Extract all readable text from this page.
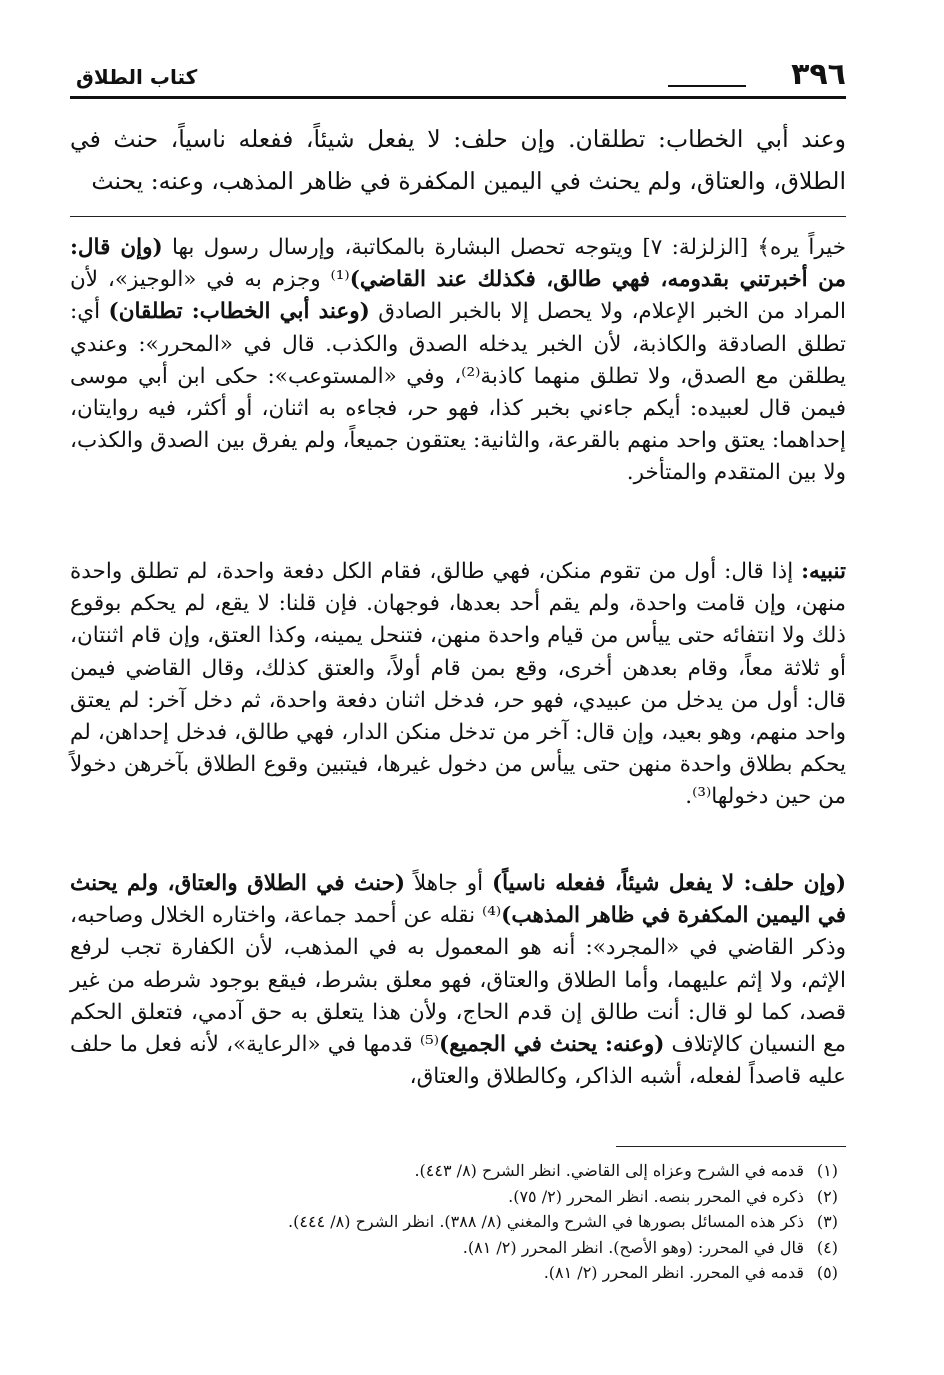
٣٩٦
كتاب الطلاق
وعند أبي الخطاب: تطلقان. وإن حلف: لا يفعل شيئاً، ففعله ناسياً، حنث في الطلاق، والعتاق، ولم يحنث في اليمين المكفرة في ظاهر المذهب، وعنه: يحنث

خيراً يره﴾ [الزلزلة: ٧] ويتوجه تحصل البشارة بالمكاتبة، وإرسال رسول بها (وإن قال: من أخبرتني بقدومه، فهي طالق، فكذلك عند القاضي)⁽¹⁾ وجزم به في «الوجيز»، لأن المراد من الخبر الإعلام، ولا يحصل إلا بالخبر الصادق (وعند أبي الخطاب: تطلقان) أي: تطلق الصادقة والكاذبة، لأن الخبر يدخله الصدق والكذب. قال في «المحرر»: وعندي يطلقن مع الصدق، ولا تطلق منهما كاذبة⁽²⁾، وفي «المستوعب»: حكى ابن أبي موسى فيمن قال لعبيده: أيكم جاءني بخبر كذا، فهو حر، فجاءه به اثنان، أو أكثر، فيه روايتان، إحداهما: يعتق واحد منهم بالقرعة، والثانية: يعتقون جميعاً، ولم يفرق بين الصدق والكذب، ولا بين المتقدم والمتأخر.

تنبيه: إذا قال: أول من تقوم منكن، فهي طالق، فقام الكل دفعة واحدة، لم تطلق واحدة منهن، وإن قامت واحدة، ولم يقم أحد بعدها، فوجهان. فإن قلنا: لا يقع، لم يحكم بوقوع ذلك ولا انتفائه حتى ييأس من قيام واحدة منهن، فتنحل يمينه، وكذا العتق، وإن قام اثنتان، أو ثلاثة معاً، وقام بعدهن أخرى، وقع بمن قام أولاً، والعتق كذلك، وقال القاضي فيمن قال: أول من يدخل من عبيدي، فهو حر، فدخل اثنان دفعة واحدة، ثم دخل آخر: لم يعتق واحد منهم، وهو بعيد، وإن قال: آخر من تدخل منكن الدار، فهي طالق، فدخل إحداهن، لم يحكم بطلاق واحدة منهن حتى ييأس من دخول غيرها، فيتبين وقوع الطلاق بآخرهن دخولاً من حين دخولها⁽³⁾.

(وإن حلف: لا يفعل شيئاً، ففعله ناسياً) أو جاهلاً (حنث في الطلاق والعتاق، ولم يحنث في اليمين المكفرة في ظاهر المذهب)⁽⁴⁾ نقله عن أحمد جماعة، واختاره الخلال وصاحبه، وذكر القاضي في «المجرد»: أنه هو المعمول به في المذهب، لأن الكفارة تجب لرفع الإثم، ولا إثم عليهما، وأما الطلاق والعتاق، فهو معلق بشرط، فيقع بوجود شرطه من غير قصد، كما لو قال: أنت طالق إن قدم الحاج، ولأن هذا يتعلق به حق آدمي، فتعلق الحكم مع النسيان كالإتلاف (وعنه: يحنث في الجميع)⁽⁵⁾ قدمها في «الرعاية»، لأنه فعل ما حلف عليه قاصداً لفعله، أشبه الذاكر، وكالطلاق والعتاق،

(١)قدمه في الشرح وعزاه إلى القاضي. انظر الشرح (٨/ ٤٤٣).
(٢)ذكره في المحرر بنصه. انظر المحرر (٢/ ٧٥).
(٣)ذكر هذه المسائل بصورها في الشرح والمغني (٨/ ٣٨٨). انظر الشرح (٨/ ٤٤٤).
(٤)قال في المحرر: (وهو الأصح). انظر المحرر (٢/ ٨١).
(٥)قدمه في المحرر. انظر المحرر (٢/ ٨١).
